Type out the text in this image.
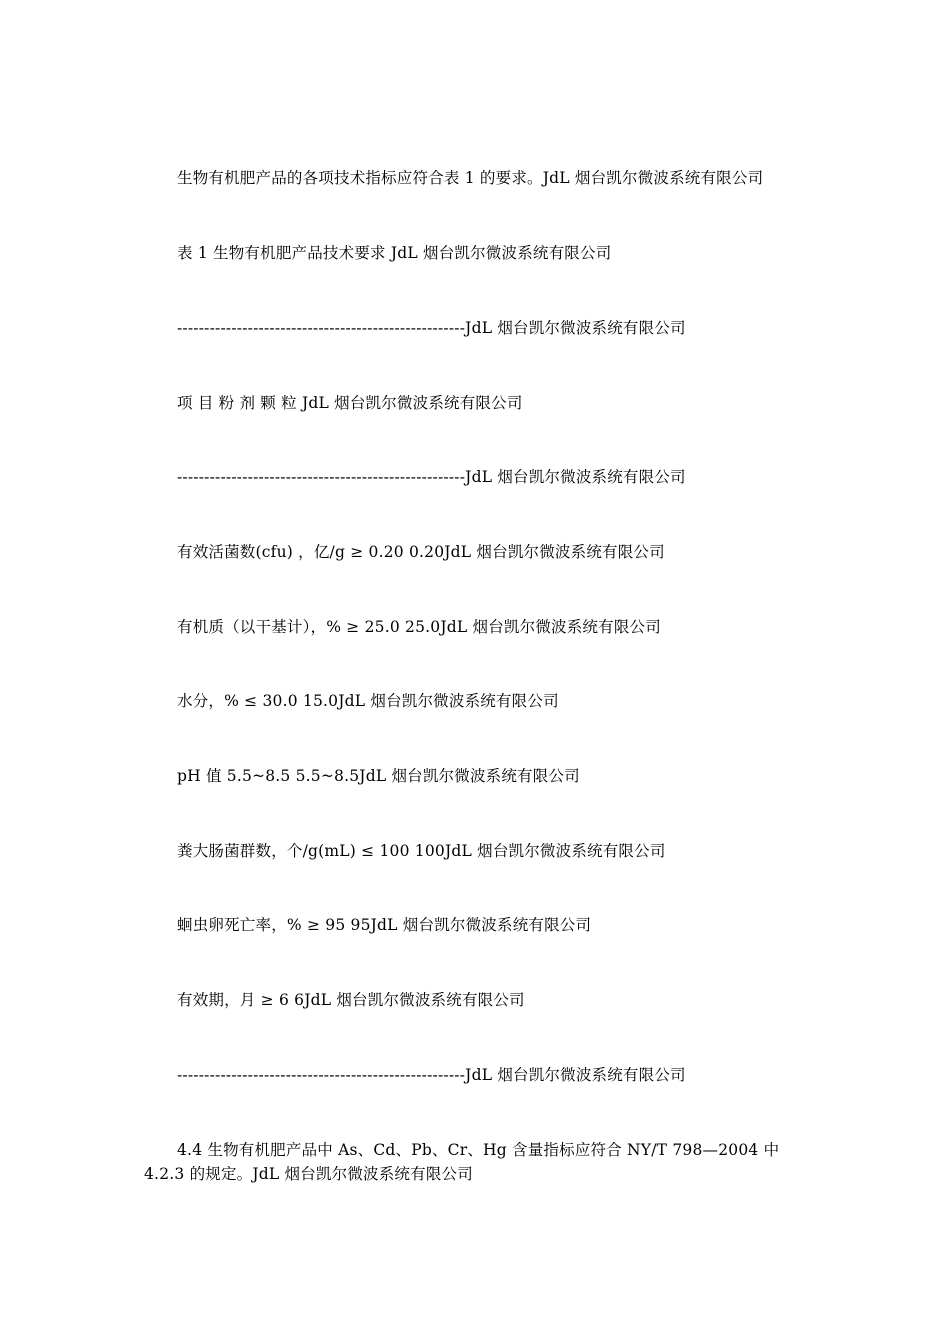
生物有机肥产品的各项技术指标应符合表 1 的要求。JdL 烟台凯尔微波系统有限公司
表 1 生物有机肥产品技术要求 JdL 烟台凯尔微波系统有限公司
-----------------------------------------------------JdL 烟台凯尔微波系统有限公司
项 目 粉 剂 颗 粒 JdL 烟台凯尔微波系统有限公司
-----------------------------------------------------JdL 烟台凯尔微波系统有限公司
有效活菌数(cfu) ，亿/g ≥ 0.20 0.20JdL 烟台凯尔微波系统有限公司
有机质（以干基计），% ≥ 25.0 25.0JdL 烟台凯尔微波系统有限公司
水分，% ≤ 30.0 15.0JdL 烟台凯尔微波系统有限公司
pH 值 5.5~8.5 5.5~8.5JdL 烟台凯尔微波系统有限公司
粪大肠菌群数，个/g(mL) ≤ 100 100JdL 烟台凯尔微波系统有限公司
蛔虫卵死亡率，% ≥ 95 95JdL 烟台凯尔微波系统有限公司
有效期，月 ≥ 6 6JdL 烟台凯尔微波系统有限公司
-----------------------------------------------------JdL 烟台凯尔微波系统有限公司
4.4 生物有机肥产品中 As、Cd、Pb、Cr、Hg 含量指标应符合 NY/T 798—2004 中 4.2.3 的规定。JdL 烟台凯尔微波系统有限公司
